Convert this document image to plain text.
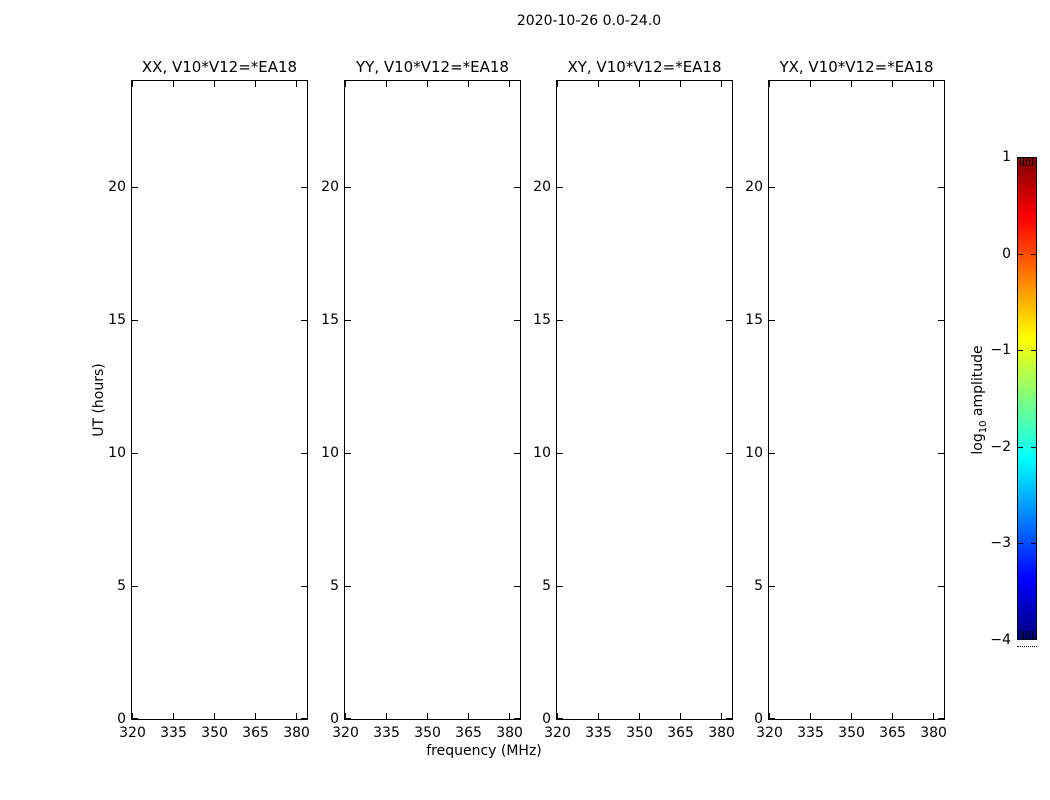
2020-10-26 0.0-24.0
XX, V10*V12=*EA18
320	335	350	365	380
0
5
10
15
20
YY, V10*V12=*EA18
320	335	350	365	380
0
5
10
15
20
XY, V10*V12=*EA18
320	335	350	365	380
0
5
10
15
20
YX, V10*V12=*EA18
320	335	350	365	380
0
5
10
15
20
UT (hours)
frequency (MHz)
$\log_{10}$ amplitude
1
0
−1
−2
−3
−4
